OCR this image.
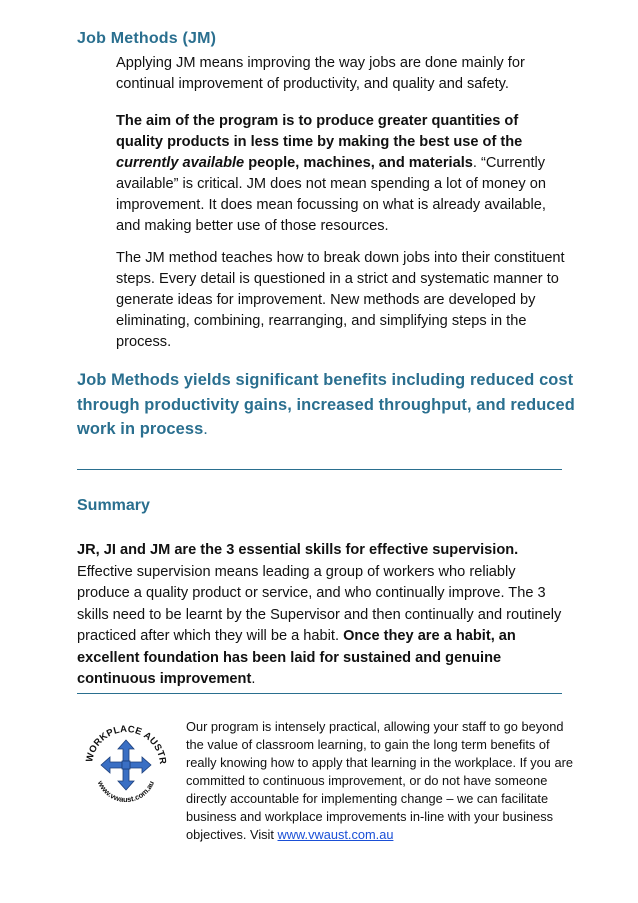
Job Methods (JM)
Applying JM means improving the way jobs are done mainly for continual improvement of productivity, and quality and safety.
The aim of the program is to produce greater quantities of quality products in less time by making the best use of the currently available people, machines, and materials. “Currently available” is critical. JM does not mean spending a lot of money on improvement. It does mean focussing on what is already available, and making better use of those resources.
The JM method teaches how to break down jobs into their constituent steps. Every detail is questioned in a strict and systematic manner to generate ideas for improvement. New methods are developed by eliminating, combining, rearranging, and simplifying steps in the process.
Job Methods yields significant benefits including reduced cost through productivity gains, increased throughput, and reduced work in process.
Summary
JR, JI and JM are the 3 essential skills for effective supervision. Effective supervision means leading a group of workers who reliably produce a quality product or service, and who continually improve. The 3 skills need to be learnt by the Supervisor and then continually and routinely practiced after which they will be a habit. Once they are a habit, an excellent foundation has been laid for sustained and genuine continuous improvement.
WORKPLACE AUSTR
www.vwaust.com.au
Our program is intensely practical, allowing your staff to go beyond the value of classroom learning, to gain the long term benefits of really knowing how to apply that learning in the workplace. If you are committed to continuous improvement, or do not have someone directly accountable for implementing change – we can facilitate business and workplace improvements in-line with your business objectives. Visit www.vwaust.com.au
